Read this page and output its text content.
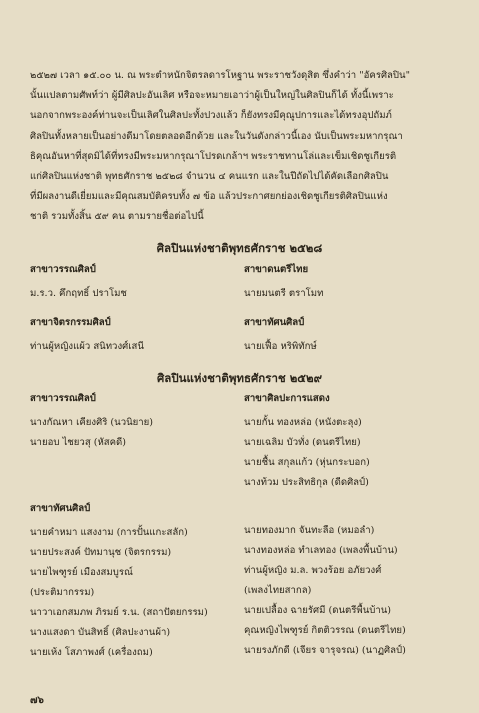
๒๕๒๗ เวลา ๑๕.๐๐ น. ณ พระตำหนักจิตรลดารโหฐาน พระราชวังดุสิต ซึ่งคำว่า "อัครศิลปิน"
นั้นแปลตามศัพท์ว่า ผู้มีศิลปะอันเลิศ หรือจะหมายเอาว่าผู้เป็นใหญ่ในศิลปินก็ได้ ทั้งนี้เพราะ
นอกจากพระองค์ท่านจะเป็นเลิศในศิลปะทั้งปวงแล้ว ก็ยังทรงมีคุณูปการและได้ทรงอุปถัมภ์
ศิลปินทั้งหลายเป็นอย่างดีมาโดยตลอดอีกด้วย และในวันดังกล่าวนี้เอง นับเป็นพระมหากรุณา
ธิคุณอันหาที่สุดมิได้ที่ทรงมีพระมหากรุณาโปรดเกล้าฯ พระราชทานโล่และเข็มเชิดชูเกียรติ
แก่ศิลปินแห่งชาติ พุทธศักราช ๒๕๒๘ จำนวน ๔ คนแรก และในปีถัดไปได้คัดเลือกศิลปิน
ที่มีผลงานดีเยี่ยมและมีคุณสมบัติครบทั้ง ๗ ข้อ แล้วประกาศยกย่องเชิดชูเกียรติศิลปินแห่ง
ชาติ รวมทั้งสิ้น ๕๙ คน ตามรายชื่อต่อไปนี้

ศิลปินแห่งชาติพุทธศักราช ๒๕๒๘

สาขาวรรณศิลป์

ม.ร.ว. คึกฤทธิ์ ปราโมช

สาขาดนตรีไทย

นายมนตรี ตราโมท

สาขาจิตรกรรมศิลป์

ท่านผู้หญิงแผ้ว สนิทวงศ์เสนี

สาขาทัศนศิลป์

นายเฟื้อ หริพิทักษ์

ศิลปินแห่งชาติพุทธศักราช ๒๕๒๙

สาขาวรรณศิลป์

นางกัณหา เคียงศิริ (นวนิยาย)

นายอบ ไชยวสุ (หัสคดี)

สาขาศิลปะการแสดง

นายกั้น ทองหล่อ (หนังตะลุง)

นายเฉลิม บัวทั่ง (ดนตรีไทย)

นายชื้น สกุลแก้ว (หุ่นกระบอก)

นางท้วม ประสิทธิกุล (ดีดศิลป์)

สาขาทัศนศิลป์

นายคำหมา แสงงาม (การปั้นแกะสลัก)

นายประสงค์ ปัทมานุช (จิตรกรรม)

นายไพฑูรย์ เมืองสมบูรณ์

(ประติมากรรม)

นาวาเอกสมภพ ภิรมย์ ร.น. (สถาปัตยกรรม)

นางแสงดา บันสิทธิ์ (ศิลปะงานผ้า)

นายเห้ง โสภาพงศ์ (เครื่องถม)

นายทองมาก จันทะลือ (หมอลำ)

นางทองหล่อ ทำเลทอง (เพลงพื้นบ้าน)

ท่านผู้หญิง ม.ล. พวงร้อย อภัยวงศ์

(เพลงไทยสากล)

นายเปลื้อง ฉายรัศมี (ดนตรีพื้นบ้าน)

คุณหญิงไพฑูรย์ กิตติวรรณ (ดนตรีไทย)

นายรงภักดี (เจียร จารุจรณ) (นาฏศิลป์)

๗๖
